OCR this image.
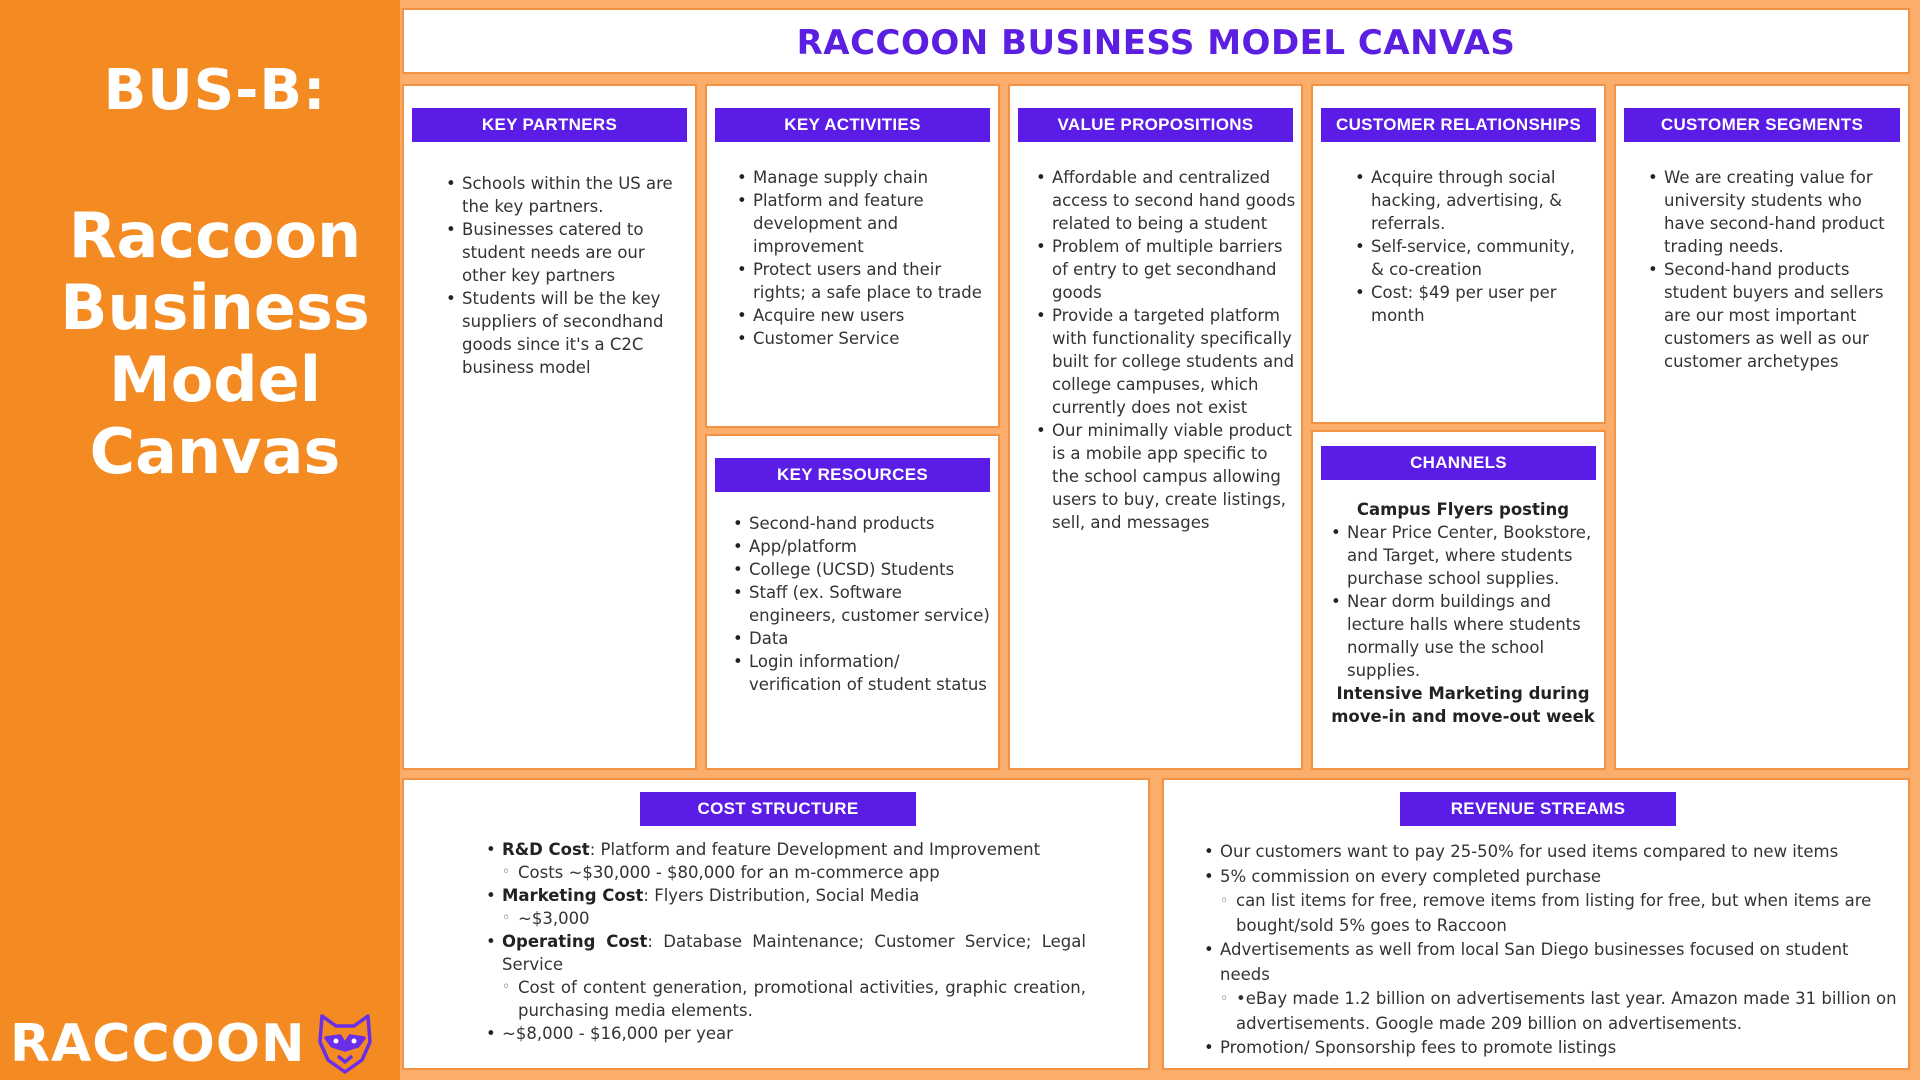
BUS-B:
Raccoon
Business
Model
Canvas
RACCOON
RACCOON BUSINESS MODEL CANVAS
KEY PARTNERS
• Schools within the US are the key partners.
• Businesses catered to student needs are our other key partners
• Students will be the key suppliers of secondhand goods since it's a C2C business model
KEY ACTIVITIES
• Manage supply chain
• Platform and feature development and improvement
• Protect users and their rights; a safe place to trade
• Acquire new users
• Customer Service
KEY RESOURCES
• Second-hand products
• App/platform
• College (UCSD) Students
• Staff (ex. Software engineers, customer service)
• Data
• Login information/ verification of student status
VALUE PROPOSITIONS
• Affordable and centralized access to second hand goods related to being a student
• Problem of multiple barriers of entry to get secondhand goods
• Provide a targeted platform with functionality specifically built for college students and college campuses, which currently does not exist
• Our minimally viable product is a mobile app specific to the school campus allowing users to buy, create listings, sell, and messages
CUSTOMER RELATIONSHIPS
• Acquire through social hacking, advertising, & referrals.
• Self-service, community, & co-creation
• Cost: $49 per user per month
CHANNELS
Campus Flyers posting
• Near Price Center, Bookstore, and Target, where students purchase school supplies.
• Near dorm buildings and lecture halls where students normally use the school supplies.
Intensive Marketing during move-in and move-out week
CUSTOMER SEGMENTS
• We are creating value for university students who have second-hand product trading needs.
• Second-hand products student buyers and sellers are our most important customers as well as our customer archetypes
COST STRUCTURE
• R&D Cost: Platform and feature Development and Improvement
◦ Costs ~$30,000 - $80,000 for an m-commerce app
• Marketing Cost: Flyers Distribution, Social Media
◦ ~$3,000
• Operating Cost: Database Maintenance; Customer Service; Legal Service
◦ Cost of content generation, promotional activities, graphic creation, purchasing media elements.
• ~$8,000 - $16,000 per year
REVENUE STREAMS
• Our customers want to pay 25-50% for used items compared to new items
• 5% commission on every completed purchase
◦ can list items for free, remove items from listing for free, but when items are bought/sold 5% goes to Raccoon
• Advertisements as well from local San Diego businesses focused on student needs
◦ •eBay made 1.2 billion on advertisements last year. Amazon made 31 billion on advertisements. Google made 209 billion on advertisements.
• Promotion/ Sponsorship fees to promote listings
